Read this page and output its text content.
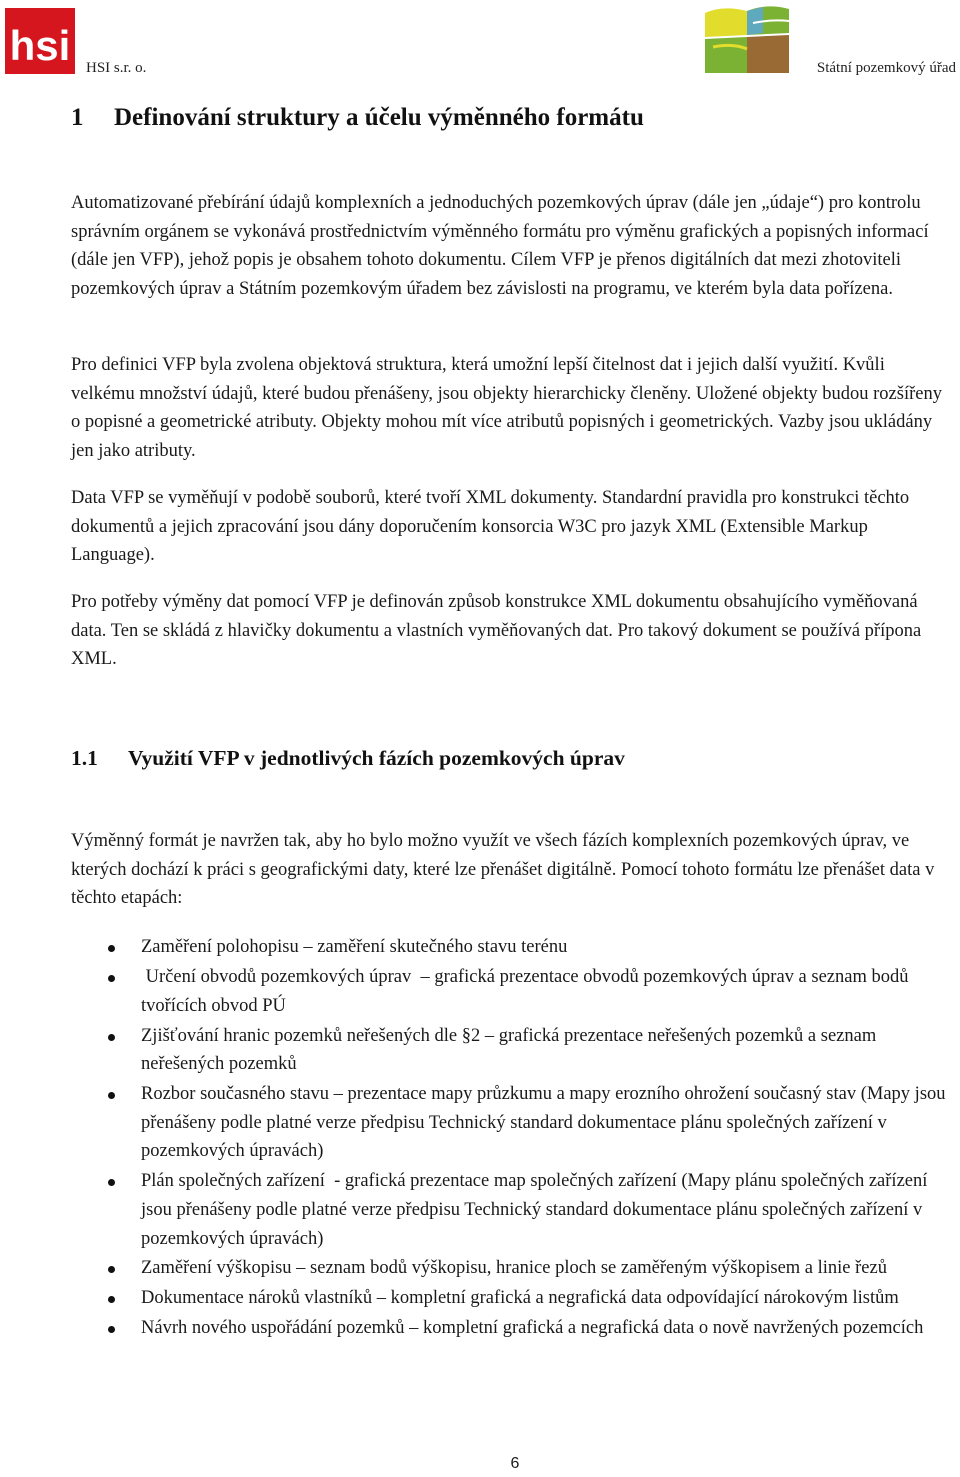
hsi HSI s.r. o.	Státní pozemkový úřad
1 Definování struktury a účelu výměnného formátu

Automatizované přebírání údajů komplexních a jednoduchých pozemkových úprav (dále jen „údaje“) pro kontrolu správním orgánem se vykonává prostřednictvím výměnného formátu pro výměnu grafických a popisných informací (dále jen VFP), jehož popis je obsahem tohoto dokumentu. Cílem VFP je přenos digitálních dat mezi zhotoviteli pozemkových úprav a Státním pozemkovým úřadem bez závislosti na programu, ve kterém byla data pořízena.

Pro definici VFP byla zvolena objektová struktura, která umožní lepší čitelnost dat i jejich další využití. Kvůli velkému množství údajů, které budou přenášeny, jsou objekty hierarchicky členěny. Uložené objekty budou rozšířeny o popisné a geometrické atributy. Objekty mohou mít více atributů popisných i geometrických. Vazby jsou ukládány jen jako atributy.

Data VFP se vyměňují v podobě souborů, které tvoří XML dokumenty. Standardní pravidla pro konstrukci těchto dokumentů a jejich zpracování jsou dány doporučením konsorcia W3C pro jazyk XML (Extensible Markup Language).

Pro potřeby výměny dat pomocí VFP je definován způsob konstrukce XML dokumentu obsahujícího vyměňovaná data. Ten se skládá z hlavičky dokumentu a vlastních vyměňovaných dat. Pro takový dokument se používá přípona XML.

1.1 Využití VFP v jednotlivých fázích pozemkových úprav

Výměnný formát je navržen tak, aby ho bylo možno využít ve všech fázích komplexních pozemkových úprav, ve kterých dochází k práci s geografickými daty, které lze přenášet digitálně. Pomocí tohoto formátu lze přenášet data v těchto etapách:

Zaměření polohopisu – zaměření skutečného stavu terénu
Určení obvodů pozemkových úprav  – grafická prezentace obvodů pozemkových úprav a seznam bodů tvořících obvod PÚ
Zjišťování hranic pozemků neřešených dle §2 – grafická prezentace neřešených pozemků a seznam neřešených pozemků
Rozbor současného stavu – prezentace mapy průzkumu a mapy erozního ohrožení současný stav (Mapy jsou přenášeny podle platné verze předpisu Technický standard dokumentace plánu společných zařízení v pozemkových úpravách)
Plán společných zařízení  - grafická prezentace map společných zařízení (Mapy plánu společných zařízení jsou přenášeny podle platné verze předpisu Technický standard dokumentace plánu společných zařízení v pozemkových úpravách)
Zaměření výškopisu – seznam bodů výškopisu, hranice ploch se zaměřeným výškopisem a linie řezů
Dokumentace nároků vlastníků – kompletní grafická a negrafická data odpovídající nárokovým listům
Návrh nového uspořádání pozemků – kompletní grafická a negrafická data o nově navržených pozemcích
6
